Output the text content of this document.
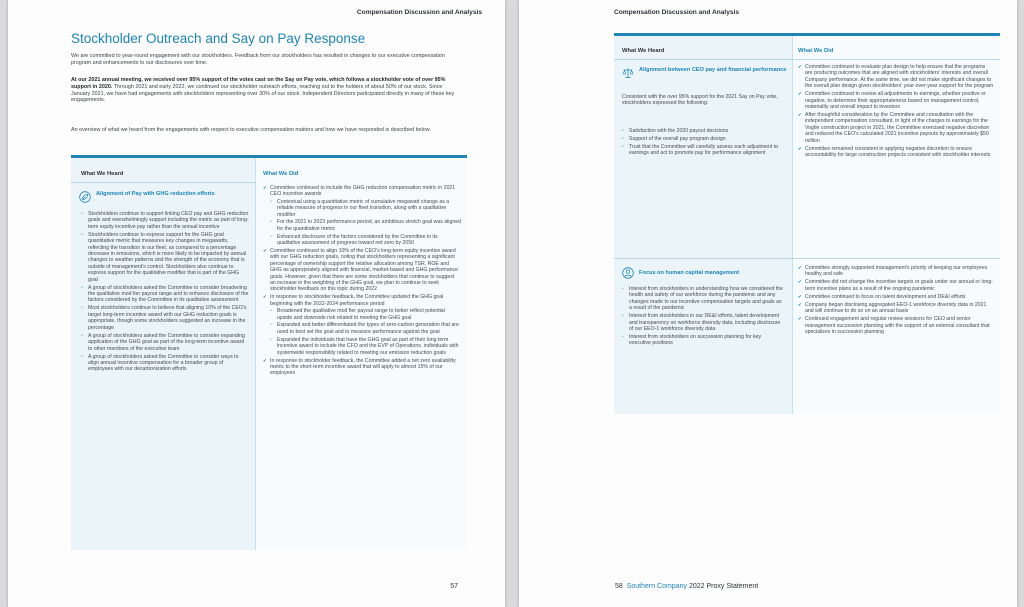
Compensation Discussion and Analysis
Stockholder Outreach and Say on Pay Response

We are committed to year-round engagement with our stockholders. Feedback from our stockholders has resulted in changes to our executive compensation program and enhancements to our disclosures over time.

At our 2021 annual meeting, we received over 95% support of the votes cast on the Say on Pay vote, which follows a stockholder vote of over 95% support in 2020. Through 2021 and early 2022, we continued our stockholder outreach efforts, reaching out to the holders of about 50% of our stock. Since January 2021, we have had engagements with stockholders representing over 30% of our stock. Independent Directors participated directly in many of these key engagements.

An overview of what we heard from the engagements with respect to executive compensation matters and how we have responded is described below.

What We Heard	What We Did
Alignment of Pay with GHG reduction efforts
• Stockholders continue to support linking CEO pay and GHG reduction goals and overwhelmingly support including the metric as part of long-term equity incentive pay rather than the annual incentive
• Stockholders continue to express support for the GHG goal quantitative metric that measures key changes in megawatts, reflecting the transition in our fleet, as compared to a percentage decrease in emissions, which is more likely to be impacted by annual changes to weather patterns and the strength of the economy that is outside of management's control. Stockholders also continue to express support for the qualitative modifier that is part of the GHG goal
• A group of stockholders asked the Committee to consider broadening the qualitative mod fier payout range and to enhance disclosure of the factors considered by the Committee in its qualitative assessment
• Most stockholders continue to believe that aligning 10% of the CEO's target long-term incentive award with our GHG reduction goals is appropriate, though some stockholders suggested an increase in the percentage
• A group of stockholders asked the Committee to consider expanding application of the GHG goal as part of the long-term incentive award to other members of the executive team
• A group of stockholders asked the Committee to consider ways to align annual incentive compensation for a broader group of employees with our decarbonization efforts
✔ Committee continued to include the GHG reduction compensation metric in 2021 CEO incentive awards
• Contextual using a quantitative metric of cumulative megawatt change as a reliable measure of progress in our fleet transition, along with a qualitative modifier
• For the 2021 to 2023 performance period, an ambitious stretch goal was aligned for the quantitative metric
• Enhanced disclosure of the factors considered by the Committee in its qualitative assessment of progress toward net zero by 2050
✔ Committee continued to align 10% of the CEO's long-term equity incentive award with our GHG reduction goals, noting that stockholders representing a significant percentage of ownership support the relative allocation among TSR, ROE and GHG as appropriately aligned with financial, market-based and GHG performance goals. However, given that there are some stockholders that continue to suggest an increase in the weighting of the GHG goal, we plan to continue to seek stockholder feedback on this topic during 2022
✔ In response to stockholder feedback, the Committee updated the GHG goal beginning with the 2022-2024 performance period
• Broadened the qualitative mod fier payout range to better reflect potential upside and downside risk related to meeting the GHG goal
• Expanded and better differentiated the types of zero-carbon generation that are used to best set the goal and to measure performance against the goal
• Expanded the individuals that have the GHG goal as part of their long term incentive award to include the CFO and the EVP of Operations, individuals with systemwide responsibility related to meeting our emission reduction goals
✔ In response to stockholder feedback, the Committee added a net zero availability metric to the short-term incentive award that will apply to almost 15% of our employees
57
Compensation Discussion and Analysis
What We Heard	What We Did
Alignment between CEO pay and financial performance

Consistent with the over 95% support for the 2021 Say on Pay vote, stockholders expressed the following:

• Satisfaction with the 2020 payout decisions
• Support of the overall pay program design
• Trust that the Committee will carefully assess each adjustment to earnings and act to promote pay for performance alignment
✔ Committee continued to evaluate plan design to help ensure that the programs are producing outcomes that are aligned with stockholders' interests and overall Company performance. At the same time, we did not make significant changes to the overall plan design given stockholders' year-over-year support for the program
✔ Committee continued to review all adjustments to earnings, whether positive or negative, to determine their appropriateness based on management control, materiality and overall impact to investors
✔ After thoughtful consideration by the Committee and consultation with the independent compensation consultant, in light of the charges to earnings for the Vogtle construction project in 2021, the Committee exercised negative discretion and reduced the CEO's calculated 2021 incentive payouts by approximately $50 million
✔ Committee remained consistent in applying negative discretion to ensure accountability for large construction projects consistent with stockholder interests
Focus on human capital management
• Interest from stockholders in understanding how we considered the health and safety of our workforce during the pandemic and any changes made to our incentive compensation targets and goals as a result of the pandemic
• Interest from stockholders in our DE&I efforts, talent development and transparency on workforce diversity data, including disclosure of our EEO-1 workforce diversity data
• Interest from stockholders on succession planning for key executive positions
✔ Committee strongly supported management's priority of keeping our employees healthy and safe
✔ Committee did not change the incentive targets or goals under our annual or long-term incentive plans as a result of the ongoing pandemic
✔ Committee continued to focus on talent development and DE&I efforts
✔ Company began disclosing aggregated EEO-1 workforce diversity data in 2021 and will continue to do so on an annual basis
✔ Continued engagement and regular review sessions for CEO and senior management succession planning with the support of an external consultant that specializes in succession planning
58 Southern Company 2022 Proxy Statement
